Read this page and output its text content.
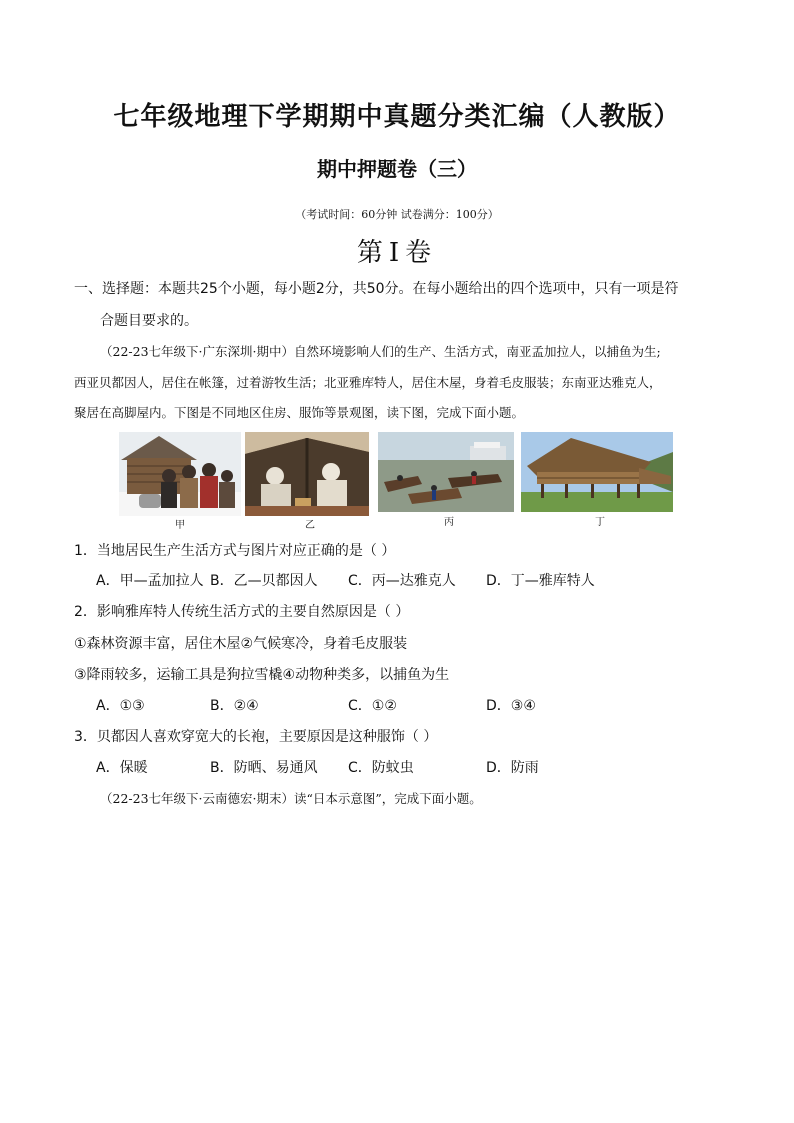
七年级地理下学期期中真题分类汇编（人教版）
期中押题卷（三）
（考试时间：60分钟 试卷满分：100分）
第Ⅰ卷
一、选择题：本题共25个小题，每小题2分，共50分。在每小题给出的四个选项中，只有一项是符
合题目要求的。
（22-23七年级下·广东深圳·期中）自然环境影响人们的生产、生活方式，南亚孟加拉人，以捕鱼为生;
西亚贝都因人，居住在帐篷，过着游牧生活；北亚雅库特人，居住木屋，身着毛皮服装；东南亚达雅克人，
聚居在高脚屋内。下图是不同地区住房、服饰等景观图，读下图，完成下面小题。
甲	乙	丙	丁
1．当地居民生产生活方式与图片对应正确的是（ ）
A．甲—孟加拉人 B．乙—贝都因人 C．丙—达雅克人 D．丁—雅库特人
2．影响雅库特人传统生活方式的主要自然原因是（ ）
①森林资源丰富，居住木屋②气候寒冷，身着毛皮服装
③降雨较多，运输工具是狗拉雪橇④动物种类多，以捕鱼为生
A．①③	B．②④	C．①②	D．③④
3．贝都因人喜欢穿宽大的长袍，主要原因是这种服饰（ ）
A．保暖	B．防晒、易通风 C．防蚊虫	D．防雨
（22-23七年级下·云南德宏·期末）读“日本示意图”，完成下面小题。
